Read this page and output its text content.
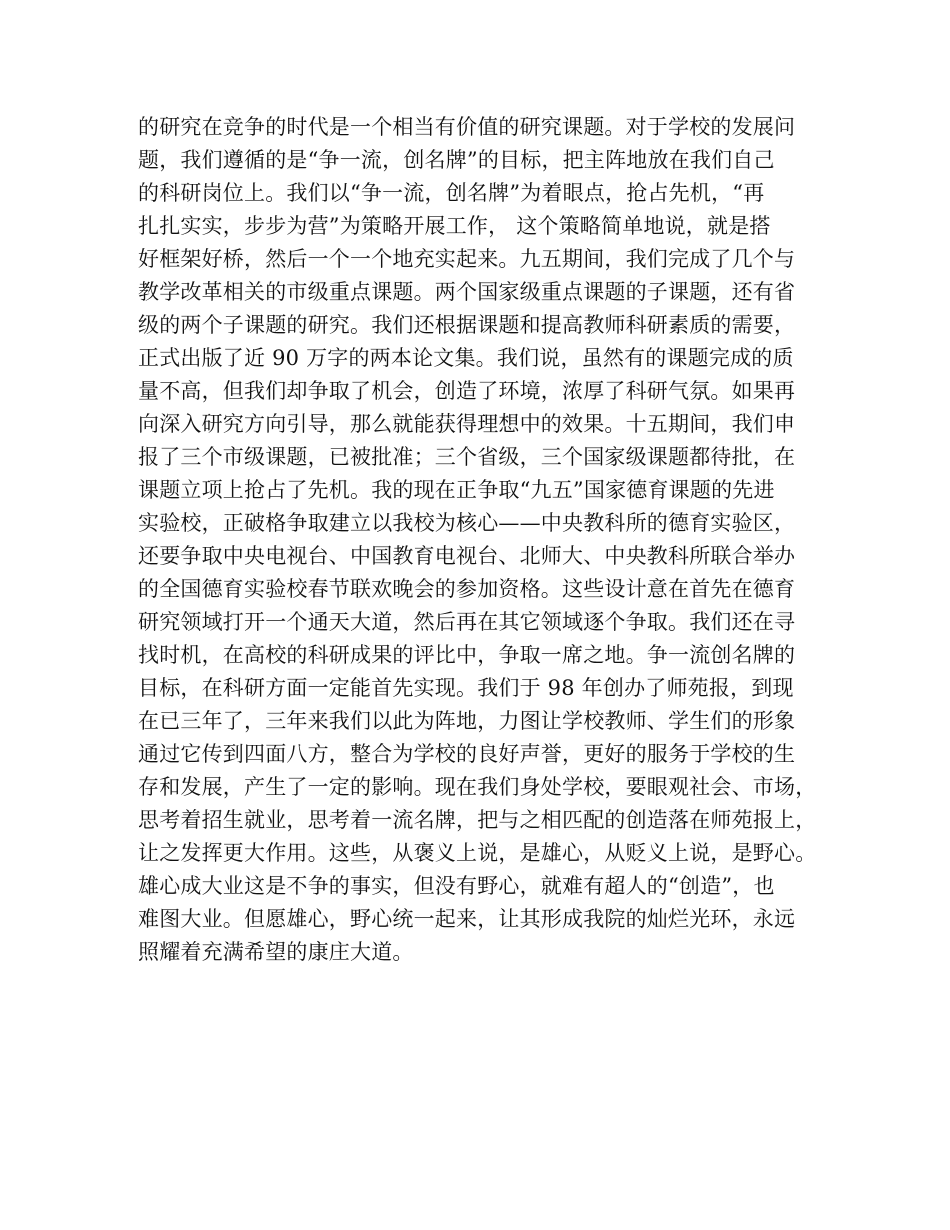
的研究在竞争的时代是一个相当有价值的研究课题。对于学校的发展问
题，我们遵循的是“争一流，创名牌”的目标，把主阵地放在我们自己
的科研岗位上。我们以“争一流，创名牌”为着眼点，抢占先机，“再
扎扎实实，步步为营”为策略开展工作， 这个策略简单地说，就是搭
好框架好桥，然后一个一个地充实起来。九五期间，我们完成了几个与
教学改革相关的市级重点课题。两个国家级重点课题的子课题，还有省
级的两个子课题的研究。我们还根据课题和提高教师科研素质的需要，
正式出版了近 90 万字的两本论文集。我们说，虽然有的课题完成的质
量不高，但我们却争取了机会，创造了环境，浓厚了科研气氛。如果再
向深入研究方向引导，那么就能获得理想中的效果。十五期间，我们申
报了三个市级课题，已被批准；三个省级，三个国家级课题都待批，在
课题立项上抢占了先机。我的现在正争取“九五”国家德育课题的先进
实验校，正破格争取建立以我校为核心——中央教科所的德育实验区，
还要争取中央电视台、中国教育电视台、北师大、中央教科所联合举办
的全国德育实验校春节联欢晚会的参加资格。这些设计意在首先在德育
研究领域打开一个通天大道，然后再在其它领域逐个争取。我们还在寻
找时机，在高校的科研成果的评比中，争取一席之地。争一流创名牌的
目标，在科研方面一定能首先实现。我们于 98 年创办了师苑报，到现
在已三年了，三年来我们以此为阵地，力图让学校教师、学生们的形象
通过它传到四面八方，整合为学校的良好声誉，更好的服务于学校的生
存和发展，产生了一定的影响。现在我们身处学校，要眼观社会、市场，
思考着招生就业，思考着一流名牌，把与之相匹配的创造落在师苑报上，
让之发挥更大作用。这些，从褒义上说，是雄心，从贬义上说，是野心。
雄心成大业这是不争的事实，但没有野心，就难有超人的“创造”，也
难图大业。但愿雄心，野心统一起来，让其形成我院的灿烂光环，永远
照耀着充满希望的康庄大道。
